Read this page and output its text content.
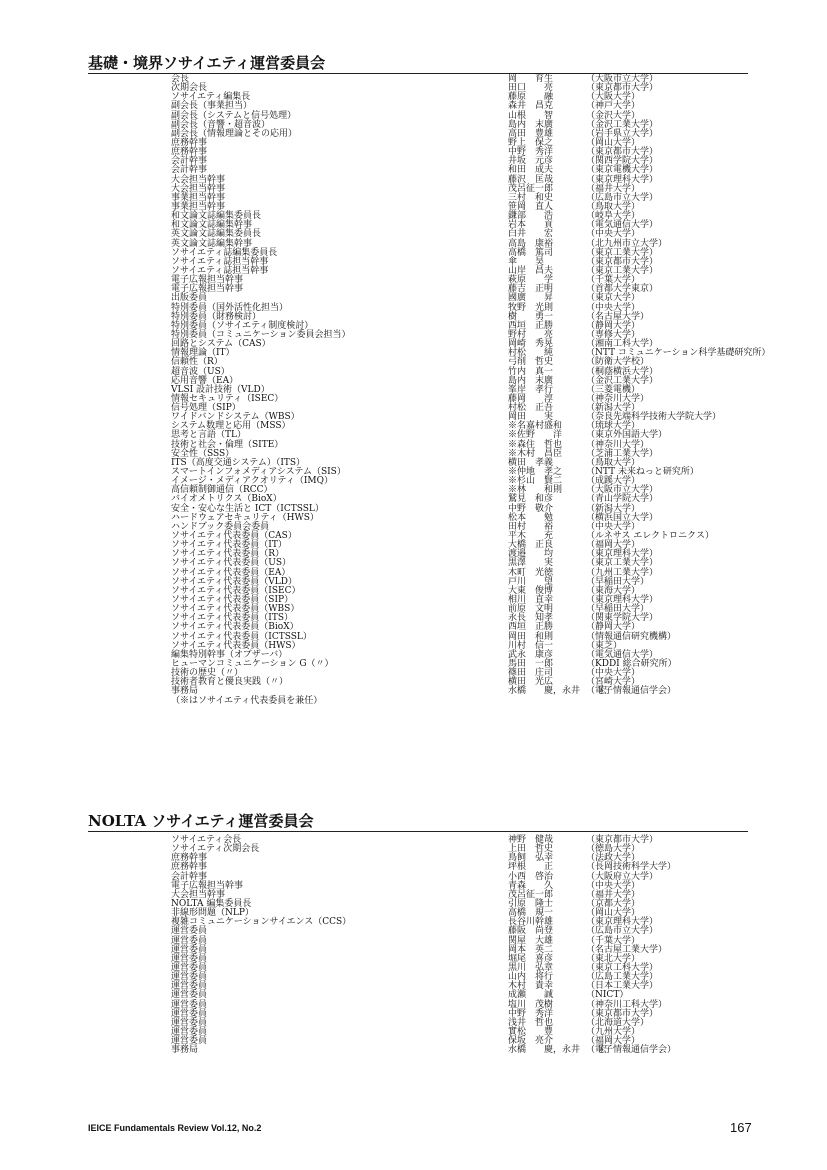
基礎・境界ソサイエティ運営委員会
会長	岡　　育生	（大阪市立大学）
次期会長	田口　　亮	（東京都市大学）
ソサイエティ編集長	藤原　　融	（大阪大学）
副会長（事業担当）	森井　昌克	（神戸大学）
副会長（システムと信号処理）	山根　　智	（金沢大学）
副会長（音響・超音波）	島内　末廣	（金沢工業大学）
副会長（情報理論とその応用）	高田　豊雄	（岩手県立大学）
庶務幹事	野上　保之	（岡山大学）
庶務幹事	中野　秀洋	（東京都市大学）
会計幹事	井坂　元彦	（関西学院大学）
会計幹事	和田　成夫	（東京電機大学）
大会担当幹事	藤沢　匡哉	（東京理科大学）
大会担当幹事	茂呂征一郎	（福井大学）
事業担当幹事	三村　和史	（広島市立大学）
事業担当幹事	笹岡　直人	（鳥取大学）
和文論文誌編集委員長	鎌部　　浩	（岐阜大学）
和文論文誌編集幹事	岩本　　貢	（電気通信大学）
英文論文誌編集委員長	白井　　宏	（中央大学）
英文論文誌編集幹事	高島　康裕	（北九州市立大学）
ソサイエティ誌編集委員長	高橋　篤司	（東京工業大学）
ソサイエティ誌担当幹事	傘　　昊	（東京都市大学）
ソサイエティ誌担当幹事	山岸　昌夫	（東京工業大学）
電子広報担当幹事	萩原　　学	（千葉大学）
電子広報担当幹事	藤吉　正明	（首都大学東京）
出版委員	國廣　　昇	（東京大学）
特別委員（国外活性化担当）	牧野　光則	（中央大学）
特別委員（財務検討）	樹　　勇一	（名古屋大学）
特別委員（ソサイエティ制度検討）	西垣　正勝	（静岡大学）
特別委員（コミュニケーション委員会担当）	野村　　亮	（専修大学）
回路とシステム（CAS）	岡崎　秀晃	（湘南工科大学）
情報理論（IT）	村松　　純	（NTT コミュニケーション科学基礎研究所）
信頼性（R）	弓削　哲史	（防衛大学校）
超音波（US）	竹内　真一	（桐蔭横浜大学）
応用音響（EA）	島内　末廣	（金沢工業大学）
VLSI 設計技術（VLD）	峯岸　孝行	（三菱電機）
情報セキュリティ（ISEC）	藤岡　　淳	（神奈川大学）
信号処理（SIP）	村松　正吾	（新潟大学）
ワイドバンドシステム（WBS）	岡田　　実	（奈良先端科学技術大学院大学）
システム数理と応用（MSS）	※名嘉村盛和	（琉球大学）
思考と言語（TL）	※佐野　　洋	（東京外国語大学）
技術と社会・倫理（SITE）	※森住　哲也	（神奈川大学）
安全性（SSS）	※木村　昌臣	（芝浦工業大学）
ITS（高度交通システム）（ITS）	横田　孝義	（鳥取大学）
スマートインフォメディアシステム（SIS）	※仲地　孝之	（NTT 未来ねっと研究所）
イメージ・メディアクオリティ（IMQ）	※杉山　賢二	（成蹊大学）
高信頼制御通信（RCC）	※林　　和則	（大阪市立大学）
バイオメトリクス（BioX）	鷲見　和彦	（青山学院大学）
安全・安心な生活と ICT（ICTSSL）	中野　敬介	（新潟大学）
ハードウェアセキュリティ（HWS）	松本　　勉	（横浜国立大学）
ハンドブック委員会委員	田村　　裕	（中央大学）
ソサイエティ代表委員（CAS）	平木　　充	（ルネサス エレクトロニクス）
ソサイエティ代表委員（IT）	大橋　正良	（福岡大学）
ソサイエティ代表委員（R）	渡邉　　均	（東京理科大学）
ソサイエティ代表委員（US）	黒澤　　実	（東京工業大学）
ソサイエティ代表委員（EA）	木町　光徳	（九州工業大学）
ソサイエティ代表委員（VLD）	戸川　　望	（早稲田大学）
ソサイエティ代表委員（ISEC）	大東　俊博	（東海大学）
ソサイエティ代表委員（SIP）	相川　直幸	（東京理科大学）
ソサイエティ代表委員（WBS）	前原　文明	（早稲田大学）
ソサイエティ代表委員（ITS）	永長　知孝	（関東学院大学）
ソサイエティ代表委員（BioX）	西垣　正勝	（静岡大学）
ソサイエティ代表委員（ICTSSL）	岡田　和則	（情報通信研究機構）
ソサイエティ代表委員（HWS）	川村　信一	（東芝）
編集特別幹事（オブザーバ）	武永　康彦	（電気通信大学）
ヒューマンコミュニケーション G（〃）	馬田　一郎	（KDDI 総合研究所）
技術の歴史（〃）	篠田　庄司	（中央大学）
技術者教育と優良実践（〃）	横田　光広	（宮崎大学）
事務局	水橋　　慶，永井　　宏
（電子情報通信学会）
（※はソサイエティ代表委員を兼任）
NOLTA ソサイエティ運営委員会
ソサイエティ会長	神野　健哉	（東京都市大学）
ソサイエティ次期会長	上田　哲史	（徳島大学）
庶務幹事	鳥飼　弘幸	（法政大学）
庶務幹事	坪根　　正	（長岡技術科学大学）
会計幹事	小西　啓治	（大阪府立大学）
電子広報担当幹事	青森　　久	（中央大学）
大会担当幹事	茂呂征一郎	（福井大学）
NOLTA 編集委員長	引原　隆士	（京都大学）
非線形問題（NLP）	高橋　規一	（岡山大学）
複雑コミュニケーションサイエンス（CCS）	長谷川幹雄	（東京理科大学）
運営委員	藤阪　尚登	（広島市立大学）
運営委員	関屋　大雄	（千葉大学）
運営委員	岡本　英二	（名古屋工業大学）
運営委員	堀尾　喜彦	（東北大学）
運営委員	黒川　弘章	（東京工科大学）
運営委員	山内　将行	（広島工業大学）
運営委員	木村　貴幸	（日本工業大学）
運営委員	成瀬　　誠	（NICT）
運営委員	塩川　茂樹	（神奈川工科大学）
運営委員	中野　秀洋	（東京都市大学）
運営委員	浅井　哲也	（北海道大学）
運営委員	實松　　豊	（九州大学）
運営委員	保坂　亮介	（福岡大学）
事務局	水橋　　慶，永井　　宏
（電子情報通信学会）
IEICE Fundamentals Review Vol.12, No.2	167
